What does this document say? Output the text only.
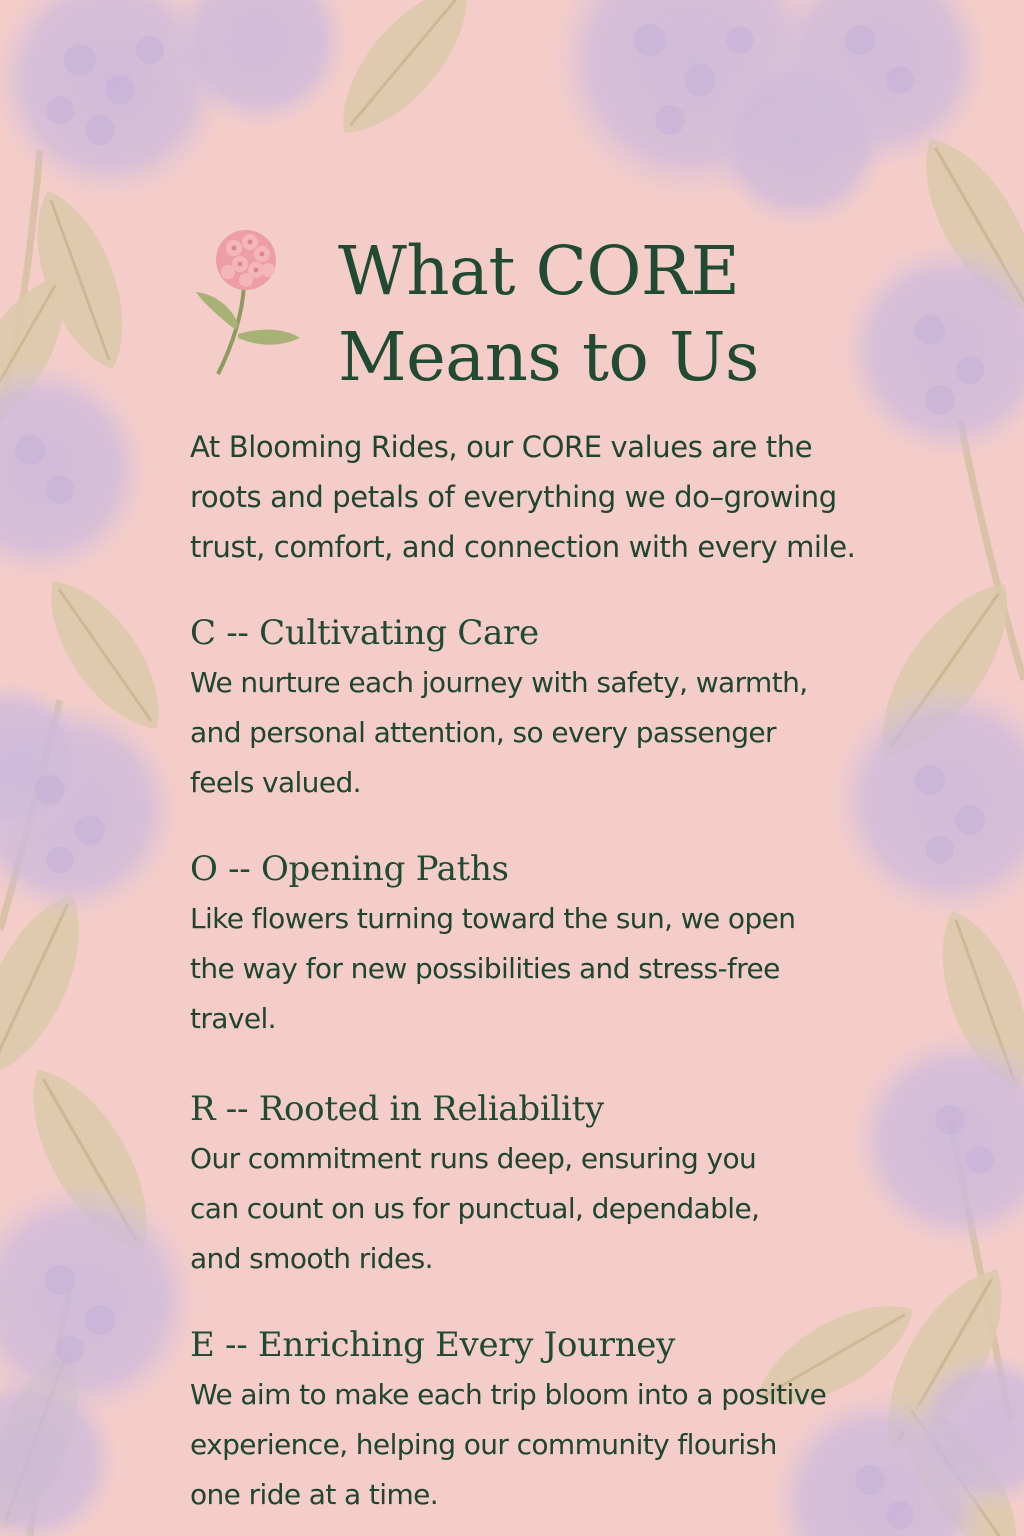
What CORE
Means to Us

At Blooming Rides, our CORE values are the
roots and petals of everything we do–growing
trust, comfort, and connection with every mile.

C -- Cultivating Care

We nurture each journey with safety, warmth,
and personal attention, so every passenger
feels valued.

O -- Opening Paths

Like flowers turning toward the sun, we open
the way for new possibilities and stress-free
travel.

R -- Rooted in Reliability

Our commitment runs deep, ensuring you
can count on us for punctual, dependable,
and smooth rides.

E -- Enriching Every Journey

We aim to make each trip bloom into a positive
experience, helping our community flourish
one ride at a time.
